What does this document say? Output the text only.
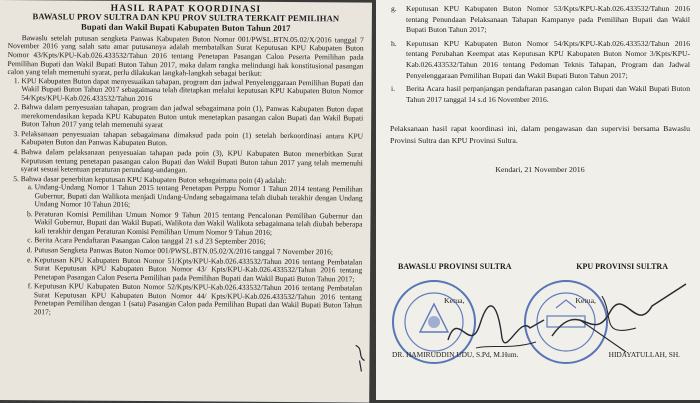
HASIL RAPAT KOORDINASI
BAWASLU PROV SULTRA DAN KPU PROV SULTRA TERKAIT PEMILIHAN
Bupati dan Wakil Bupati Kabupaten Buton Tahun 2017

Bawaslu setelah putusan sengketa Panwas Kabupaten Buton Nomor 001/PWSL.BTN.05.02/X/2016 tanggal 7 November 2016 yang salah satu amar putusannya adalah membatalkan Surat Keputusan KPU Kabupaten Buton Nomor 43/Kpts/KPU-Kab.026.433532/Tahun 2016 tentang Penetapan Pasangan Calon Peserta Pemilihan pada Pemilihan Bupati dan Wakil Bupati Buton Tahun 2017, maka dalam rangka melindungi hak konstitusional pasangan calon yang telah memenuhi syarat, perlu dilakukan langkah-langkah sebagai berikut:

1. KPU Kabupaten Buton dapat menyesuaikan tahapan, program dan jadwal Penyelenggaraan Pemilihan Bupati dan Wakil Bupati Buton Tahun 2017 sebagaimana telah ditetapkan melalui keputusan KPU Kabupaten Buton Nomor 54/Kpts/KPU-Kab.026.433532/Tahun 2016
2. Bahwa dalam penyesuaian tahapan, program dan jadwal sebagaimana poin (1), Panwas Kabupaten Buton dapat merekomendasikan kepada KPU Kabupaten Buton untuk menetapkan pasangan calon Bupati dan Wakil Bupati Buton Tahun 2017 yang telah memenuhi syarat
3. Pelaksanaan penyesuaian tahapan sebagaimana dimaksud pada poin (1) setelah berkoordinasi antara KPU Kabupaten Buton dan Panwas Kabupaten Buton.
4. Bahwa dalam pelaksanaan penyesuaian tahapan pada poin (3), KPU Kabupaten Buton menerbitkan Surat Keputusan tentang penetapan pasangan calon Bupati dan Wakil Bupati Buton tahun 2017 yang telah memenuhi syarat sesuai ketentuan peraturan perundang-undangan.
5. Bahwa dasar penerbitan keputusan KPU Kabupaten Buton sebagaimana poin (4) adalah:
a. Undang-Undang Nomor 1 Tahun 2015 tentang Penetapan Perppu Nomor 1 Tahun 2014 tentang Pemilihan Gubernur, Bupati dan Walikota menjadi Undang-Undang sebagaimana telah diubah terakhir dengan Undang Undang Nomor 10 Tahun 2016;
b. Peraturan Komisi Pemilihan Umum Nomor 9 Tahun 2015 tentang Pencalonan Pemilihan Gubernur dan Wakil Gubernur, Bupati dan Wakil Bupati, Walikota dan Wakil Walikota sebagaimana telah diubah beberapa kali terakhir dengan Peraturan Komisi Pemilihan Umum Nomor 9 Tahun 2016;
c. Berita Acara Pendaftaran Pasangan Calon tanggal 21 s.d 23 September 2016;
d. Putusan Sengketa Panwas Buton Nomor 001/PWSL.BTN.05.02/X/2016 tanggal 7 November 2016;
e. Keputusan KPU Kabupaten Buton Nomor 51/Kpts/KPU-Kab.026.433532/Tahun 2016 tentang Pembatalan Surat Keputusan KPU Kabupaten Buton Nomor 43/ Kpts/KPU-Kab.026.433532/Tahun 2016 tentang Penetapan Pasangan Calon Peserta Pemilihan pada Pemilihan Bupati dan Wakil Bupati Buton Tahun 2017;
f. Keputusan KPU Kabupaten Buton Nomor 52/Kpts/KPU-Kab.026.433532/Tahun 2016 tentang Pembatalan Surat Keputusan KPU Kabupaten Buton Nomor 44/ Kpts/KPU-Kab.026.433532/Tahun 2016 tentang Penetapan Pemilihan dengan 1 (satu) Pasangan Calon pada Pemilihan Bupati dan Wakil Bupati Buton Tahun 2017;
g. Keputusan KPU Kabupaten Buton Nomor 53/Kpts/KPU-Kab.026.433532/Tahun 2016 tentang Penundaan Pelaksanaan Tahapan Kampanye pada Pemilihan Bupati dan Wakil Bupati Buton Tahun 2017;
h. Keputusan KPU Kabupaten Buton Nomor 54/Kpts/KPU-Kab.026.433532/Tahun 2016 tentang Perubahan Keempat atas Keputusan KPU Kabupaten Buton Nomor 3/Kpts/KPU-Kab.026.433532/Tahun 2016 tentang Pedoman Teknis Tahapan, Program dan Jadwal Penyelenggaraan Pemilihan Bupati dan Wakil Bupati Buton Tahun 2017;
i. Berita Acara hasil perpanjangan pendaftaran pasangan calon Bupati dan Wakil Bupati Buton Tahun 2017 tanggal 14 s.d 16 November 2016.

Pelaksanaan hasil rapat koordinasi ini, dalam pengawasan dan supervisi bersama Bawaslu Provinsi Sultra dan KPU Provinsi Sultra.

Kendari, 21 November 2016
BAWASLU PROVINSI SULTRA	KPU PROVINSI SULTRA
Ketua,	Ketua,
DR. HAMIRUDDIN UDU, S.Pd, M.Hum.	HIDAYATULLAH, SH.
